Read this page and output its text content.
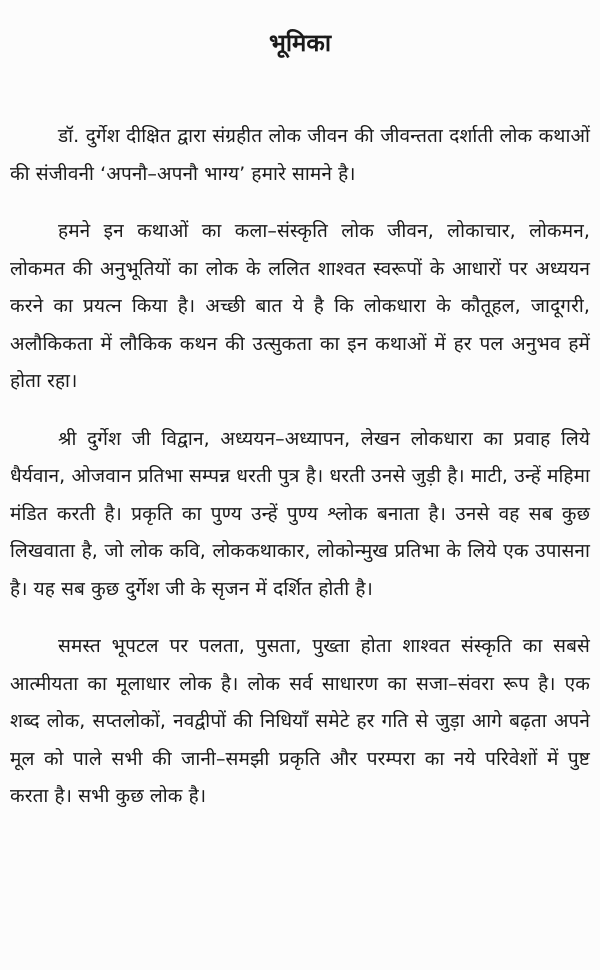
भूमिका

डॉ. दुर्गेश दीक्षित द्वारा संग्रहीत लोक जीवन की जीवन्तता दर्शाती लोक कथाओं की संजीवनी ‘अपनौ–अपनौ भाग्य’ हमारे सामने है।

हमने इन कथाओं का कला–संस्कृति लोक जीवन, लोकाचार, लोकमन, लोकमत की अनुभूतियों का लोक के ललित शाश्वत स्वरूपों के आधारों पर अध्ययन करने का प्रयत्न किया है। अच्छी बात ये है कि लोकधारा के कौतूहल, जादूगरी, अलौकिकता में लौकिक कथन की उत्सुकता का इन कथाओं में हर पल अनुभव हमें होता रहा।

श्री दुर्गेश जी विद्वान, अध्ययन–अध्यापन, लेखन लोकधारा का प्रवाह लिये धैर्यवान, ओजवान प्रतिभा सम्पन्न धरती पुत्र है। धरती उनसे जुड़ी है। माटी, उन्हें महिमा मंडित करती है। प्रकृति का पुण्य उन्हें पुण्य श्लोक बनाता है। उनसे वह सब कुछ लिखवाता है, जो लोक कवि, लोककथाकार, लोकोन्मुख प्रतिभा के लिये एक उपासना है। यह सब कुछ दुर्गेश जी के सृजन में दर्शित होती है।

समस्त भूपटल पर पलता, पुसता, पुख्ता होता शाश्वत संस्कृति का सबसे आत्मीयता का मूलाधार लोक है। लोक सर्व साधारण का सजा–संवरा रूप है। एक शब्द लोक, सप्तलोकों, नवद्वीपों की निधियाँ समेटे हर गति से जुड़ा आगे बढ़ता अपने मूल को पाले सभी की जानी–समझी प्रकृति और परम्परा का नये परिवेशों में पुष्ट करता है। सभी कुछ लोक है।
